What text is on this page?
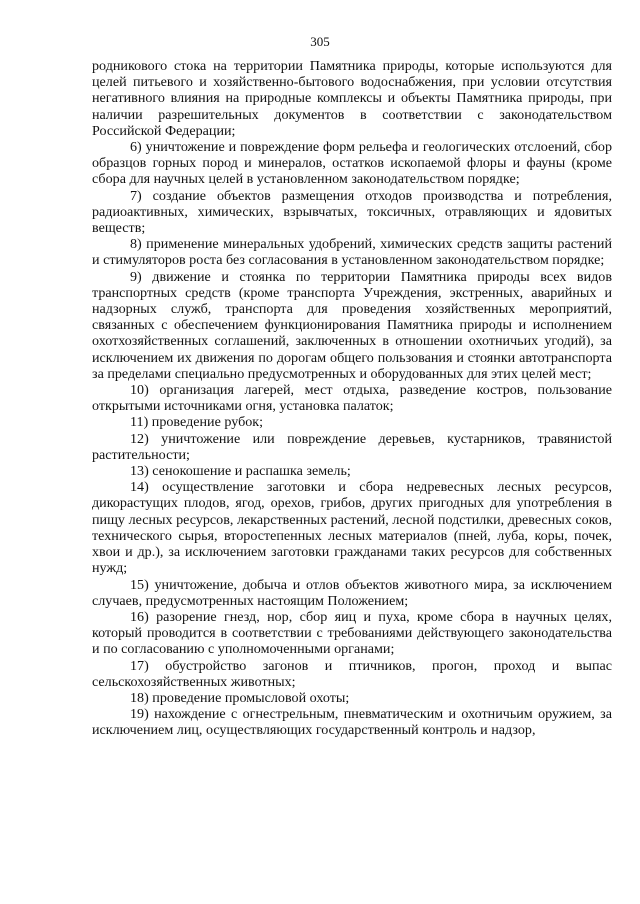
305

родникового стока на территории Памятника природы, которые используются для целей питьевого и хозяйственно-бытового водоснабжения, при условии отсутствия негативного влияния на природные комплексы и объекты Памятника природы, при наличии разрешительных документов в соответствии с законодательством Российской Федерации;

6) уничтожение и повреждение форм рельефа и геологических отслоений, сбор образцов горных пород и минералов, остатков ископаемой флоры и фауны (кроме сбора для научных целей в установленном законодательством порядке;

7) создание объектов размещения отходов производства и потребления, радиоактивных, химических, взрывчатых, токсичных, отравляющих и ядовитых веществ;

8) применение минеральных удобрений, химических средств защиты растений и стимуляторов роста без согласования в установленном законодательством порядке;

9) движение и стоянка по территории Памятника природы всех видов транспортных средств (кроме транспорта Учреждения, экстренных, аварийных и надзорных служб, транспорта для проведения хозяйственных мероприятий, связанных с обеспечением функционирования Памятника природы и исполнением охотхозяйственных соглашений, заключенных в отношении охотничьих угодий), за исключением их движения по дорогам общего пользования и стоянки автотранспорта за пределами специально предусмотренных и оборудованных для этих целей мест;

10) организация лагерей, мест отдыха, разведение костров, пользование открытыми источниками огня, установка палаток;

11) проведение рубок;

12) уничтожение или повреждение деревьев, кустарников, травянистой растительности;

13) сенокошение и распашка земель;

14) осуществление заготовки и сбора недревесных лесных ресурсов, дикорастущих плодов, ягод, орехов, грибов, других пригодных для употребления в пищу лесных ресурсов, лекарственных растений, лесной подстилки, древесных соков, технического сырья, второстепенных лесных материалов (пней, луба, коры, почек, хвои и др.), за исключением заготовки гражданами таких ресурсов для собственных нужд;

15) уничтожение, добыча и отлов объектов животного мира, за исключением случаев, предусмотренных настоящим Положением;

16) разорение гнезд, нор, сбор яиц и пуха, кроме сбора в научных целях, который проводится в соответствии с требованиями действующего законодательства и по согласованию с уполномоченными органами;

17) обустройство загонов и птичников, прогон, проход и выпас сельскохозяйственных животных;

18) проведение промысловой охоты;

19) нахождение с огнестрельным, пневматическим и охотничьим оружием, за исключением лиц, осуществляющих государственный контроль и надзор,
